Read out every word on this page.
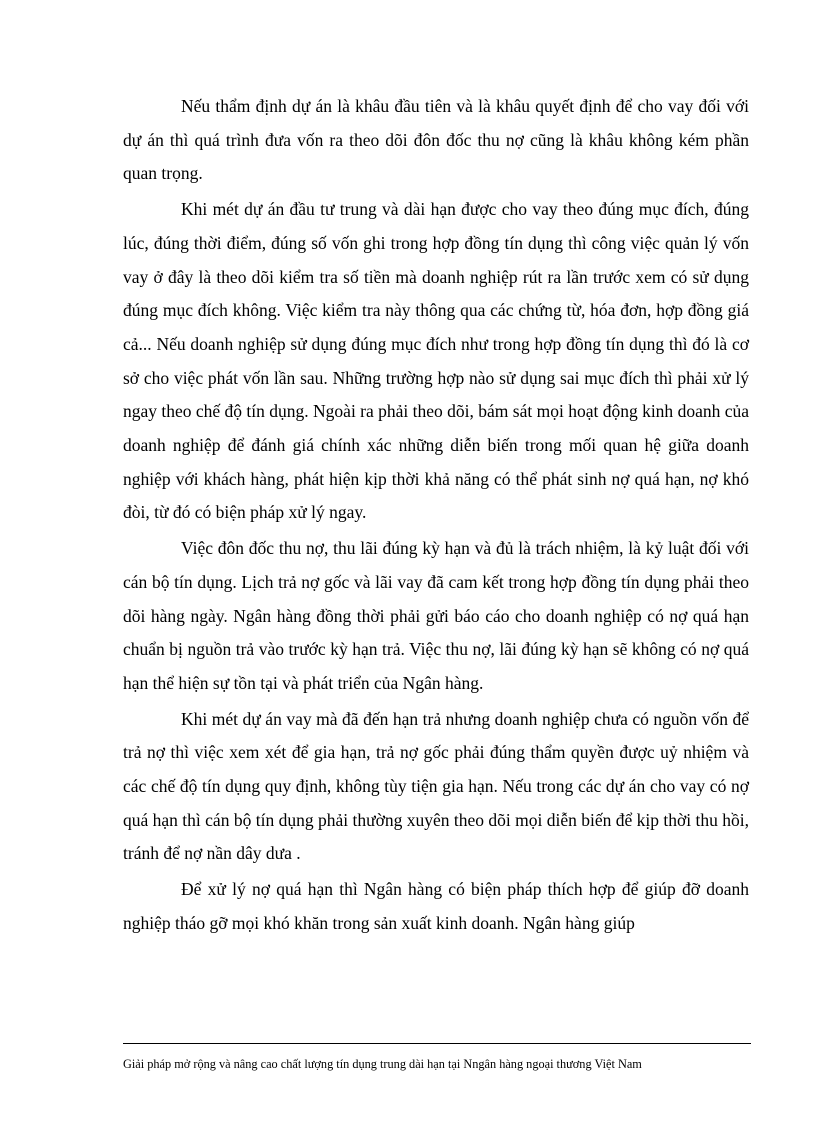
Nếu thẩm định dự án là khâu đầu tiên và là khâu quyết định để cho vay đối với dự án thì quá trình đưa vốn ra theo dõi đôn đốc thu nợ cũng là khâu không kém phần quan trọng.

Khi mét dự án đầu tư trung và dài hạn được cho vay theo đúng mục đích, đúng lúc, đúng thời điểm, đúng số vốn ghi trong hợp đồng tín dụng thì công việc quản lý vốn vay ở đây là theo dõi kiểm tra số tiền mà doanh nghiệp rút ra lần trước xem có sử dụng đúng mục đích không. Việc kiểm tra này thông qua các chứng từ, hóa đơn, hợp đồng giá cả... Nếu doanh nghiệp sử dụng đúng mục đích như trong hợp đồng tín dụng thì đó là cơ sở cho việc phát vốn lần sau. Những trường hợp nào sử dụng sai mục đích thì phải xử lý ngay theo chế độ tín dụng. Ngoài ra phải theo dõi, bám sát mọi hoạt động kinh doanh của doanh nghiệp để đánh giá chính xác những diễn biến trong mối quan hệ giữa doanh nghiệp với khách hàng, phát hiện kịp thời khả năng có thể phát sinh nợ quá hạn, nợ khó đòi, từ đó có biện pháp xử lý ngay.

Việc đôn đốc thu nợ, thu lãi đúng kỳ hạn và đủ là trách nhiệm, là kỷ luật đối với cán bộ tín dụng. Lịch trả nợ gốc và lãi vay đã cam kết trong hợp đồng tín dụng phải theo dõi hàng ngày. Ngân hàng đồng thời phải gửi báo cáo cho doanh nghiệp có nợ quá hạn chuẩn bị nguồn trả vào trước kỳ hạn trả. Việc thu nợ, lãi đúng kỳ hạn sẽ không có nợ quá hạn thể hiện sự tồn tại và phát triển của Ngân hàng.

Khi mét dự án vay mà đã đến hạn trả nhưng doanh nghiệp chưa có nguồn vốn để trả nợ thì việc xem xét để gia hạn, trả nợ gốc phải đúng thẩm quyền được uỷ nhiệm và các chế độ tín dụng quy định, không tùy tiện gia hạn. Nếu trong các dự án cho vay có nợ quá hạn thì cán bộ tín dụng phải thường xuyên theo dõi mọi diễn biến để kịp thời thu hồi, tránh để nợ nần dây dưa .

Để xử lý nợ quá hạn thì Ngân hàng có biện pháp thích hợp để giúp đỡ doanh nghiệp tháo gỡ mọi khó khăn trong sản xuất kinh doanh. Ngân hàng giúp

Giải pháp mở rộng và nâng cao chất lượng tín dụng trung dài hạn tại Nngân hàng ngoại thương Việt Nam
